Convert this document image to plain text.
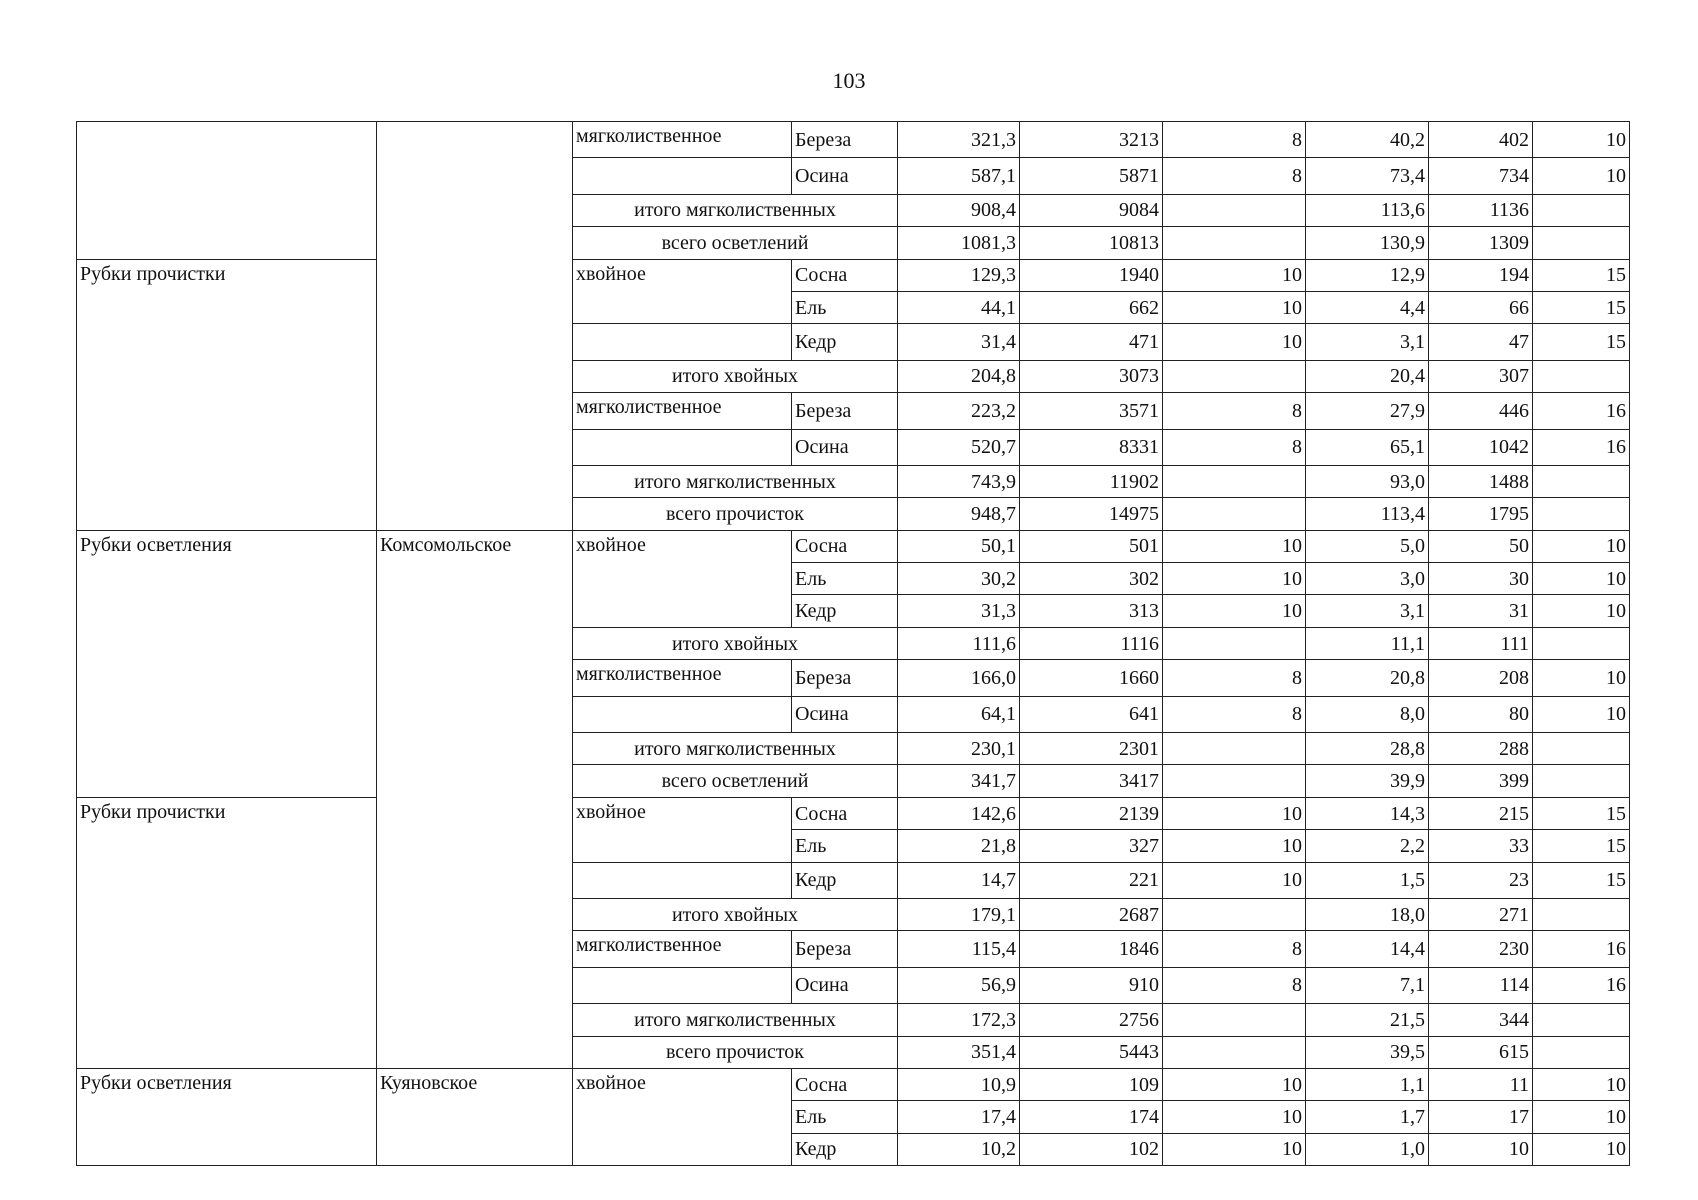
103
		мягколиственное	Береза	321,3	3213	8	40,2	402	10
			Осина	587,1	5871	8	73,4	734	10
		итого мягколиственных		908,4	9084		113,6	1136	
		всего осветлений		1081,3	10813		130,9	1309	
Рубки прочистки		хвойное	Сосна	129,3	1940	10	12,9	194	15
			Ель	44,1	662	10	4,4	66	15
			Кедр	31,4	471	10	3,1	47	15
		итого хвойных		204,8	3073		20,4	307	
		мягколиственное	Береза	223,2	3571	8	27,9	446	16
			Осина	520,7	8331	8	65,1	1042	16
		итого мягколиственных		743,9	11902		93,0	1488	
		всего прочисток		948,7	14975		113,4	1795	
Рубки осветления	Комсомольское	хвойное	Сосна	50,1	501	10	5,0	50	10
			Ель	30,2	302	10	3,0	30	10
			Кедр	31,3	313	10	3,1	31	10
		итого хвойных		111,6	1116		11,1	111	
		мягколиственное	Береза	166,0	1660	8	20,8	208	10
			Осина	64,1	641	8	8,0	80	10
		итого мягколиственных		230,1	2301		28,8	288	
		всего осветлений		341,7	3417		39,9	399	
Рубки прочистки		хвойное	Сосна	142,6	2139	10	14,3	215	15
			Ель	21,8	327	10	2,2	33	15
			Кедр	14,7	221	10	1,5	23	15
		итого хвойных		179,1	2687		18,0	271	
		мягколиственное	Береза	115,4	1846	8	14,4	230	16
			Осина	56,9	910	8	7,1	114	16
		итого мягколиственных		172,3	2756		21,5	344	
		всего прочисток		351,4	5443		39,5	615	
Рубки осветления	Куяновское	хвойное	Сосна	10,9	109	10	1,1	11	10
			Ель	17,4	174	10	1,7	17	10
			Кедр	10,2	102	10	1,0	10	10
